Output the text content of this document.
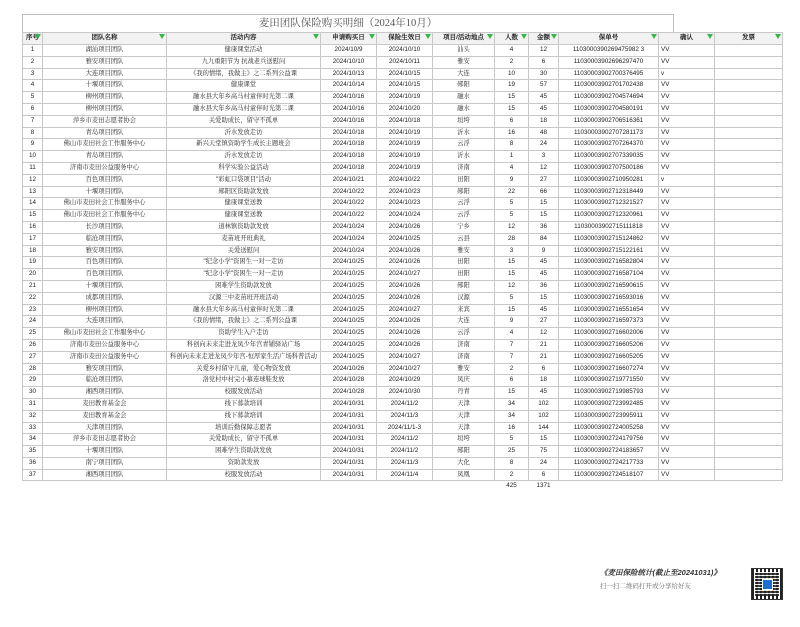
麦田团队保险购买明细（2024年10月）
序号	团队名称	活动内容	申请购买日	保险生效日	项目/活动地点	人数	金额	保单号	确认	发票

1	湖汕项目团队	健康课堂活动	2024/10/9	2024/10/10	汕头	4	12	1103000390269475982 3	VV	
2	雅安项目团队	九九重阳节为 抗战老兵送慰问	2024/10/10	2024/10/11	雅安	2	6	11030003902696297470	VV	
3	大连项目团队	《我的情绪，我做主》之二系列公益课	2024/10/13	2024/10/15	大连	10	30	11030003902700376495	v	
4	十堰项目团队	健康课堂	2024/10/14	2024/10/15	郧阳	19	57	11030003902701702438	VV	
5	柳州项目团队	融水县大年乡高马村童伴时光第二课	2024/10/16	2024/10/19	融水	15	45	11030003902704574694	VV	
6	柳州项目团队	融水县大年乡高马村童伴时光第二课	2024/10/16	2024/10/20	融水	15	45	11030003902704580191	VV	
7	萍乡市麦田志愿者协会	关爱助成长，留守不孤单	2024/10/16	2024/10/18	垣垮	6	18	11030003902706516361	VV	
8	青岛项目团队	沂水发放走访	2024/10/18	2024/10/19	沂水	16	48	11030003902707281173	VV	
9	佛山市麦田社会工作服务中心	新兴天堂镇资助学生成长主题班会	2024/10/18	2024/10/19	云浮	8	24	11030003902707264370	VV	
10	青岛项目团队	沂水发放走访	2024/10/18	2024/10/19	沂水	1	3	11030003902707339035	VV	
11	济南市麦田公益服务中心	科学实验公益活动	2024/10/18	2024/10/19	济南	4	12	11030003902707500186	VV	
12	百色项目团队	"彩虹口袋项目"活动	2024/10/21	2024/10/22	田阳	9	27	11030003902710950281	v	
13	十堰项目团队	郧阳区资助款发放	2024/10/22	2024/10/23	郧阳	22	66	11030003902712318449	VV	
14	佛山市麦田社会工作服务中心	健康课堂送教	2024/10/22	2024/10/23	云浮	5	15	11030003902712321527	VV	
15	佛山市麦田社会工作服务中心	健康课堂送教	2024/10/22	2024/10/24	云浮	5	15	11030003902712320961	VV	
16	长沙项目团队	道林镇资助款发放	2024/10/24	2024/10/26	宁乡	12	36	11030003902715111818	VV	
17	临沧项目团队	麦苗班开班典礼	2024/10/24	2024/10/25	云县	28	84	11030003902715124862	VV	
18	雅安项目团队	关爱送慰问	2024/10/24	2024/10/26	雅安	3	9	11030003902715122161	VV	
19	百色项目团队	"纪念小学"资困生一对一走访	2024/10/25	2024/10/26	田阳	15	45	11030003902716582804	VV	
20	百色项目团队	"纪念小学"资困生一对一走访	2024/10/25	2024/10/27	田阳	15	45	11030003902716587104	VV	
21	十堰项目团队	困难学生资助款发放	2024/10/25	2024/10/26	郧阳	12	36	11030003902716590615	VV	
22	成都项目团队	汉源三中麦苗班开班活动	2024/10/25	2024/10/26	汉源	5	15	11030003902716593016	VV	
23	柳州项目团队	融水县大年乡高马村童伴时光第二课	2024/10/25	2024/10/27	来宾	15	45	11030003902716551654	VV	
24	大连项目团队	《我的情绪，我做主》之二系列公益课	2024/10/25	2024/10/26	大连	9	27	11030003902716597373	VV	
25	佛山市麦田社会工作服务中心	资助学生入户走访	2024/10/25	2024/10/26	云浮	4	12	11030003902716602006	VV	
26	济南市麦田公益服务中心	科创向未来走进龙凤少年宫青铺驿站广场	2024/10/25	2024/10/26	济南	7	21	11030003902716605206	VV	
27	济南市麦田公益服务中心	科创向未来走进龙凤少年宫-恒厚家生活广场科普活动	2024/10/25	2024/10/27	济南	7	21	11030003902716605205	VV	
28	雅安项目团队	关爱乡村留守儿童，爱心物资发放	2024/10/26	2024/10/27	雅安	2	6	11030003902716607274	VV	
29	临沧项目团队	洛党村中村完小慕连球鞋发放	2024/10/28	2024/10/29	凤庆	6	18	11030003902719771550	VV	
30	湘西项目团队	校服发放活动	2024/10/28	2024/10/30	丹青	15	45	11030003902719985793	VV	
31	麦田教育基金会	线下募款培训	2024/10/31	2024/11/2	天津	34	102	11030003902723992485	VV	
32	麦田教育基金会	线下募款培训	2024/10/31	2024/11/3	天津	34	102	11030003902723995911	VV	
33	天津项目团队	培训后勤保障志愿者	2024/10/31	2024/11/1-3	天津	16	144	11030003902724005258	VV	
34	萍乡市麦田志愿者协会	关爱助成长，留守不孤单	2024/10/31	2024/11/2	垣垮	5	15	11030003902724179756	VV	
35	十堰项目团队	困难学生资助款发放	2024/10/31	2024/11/2	郧阳	25	75	11030003902724183657	VV	
36	南宁项目团队	资助款发放	2024/10/31	2024/11/3	大化	8	24	11030003902724217733	VV	
37	湘西项目团队	校服发放活动	2024/10/31	2024/11/4	凤凰	2	6	11030003902724518107	VV	
						425	1371			
《麦田保险统计(截止至20241031)》
扫一扫二维码打开或分享给好友
